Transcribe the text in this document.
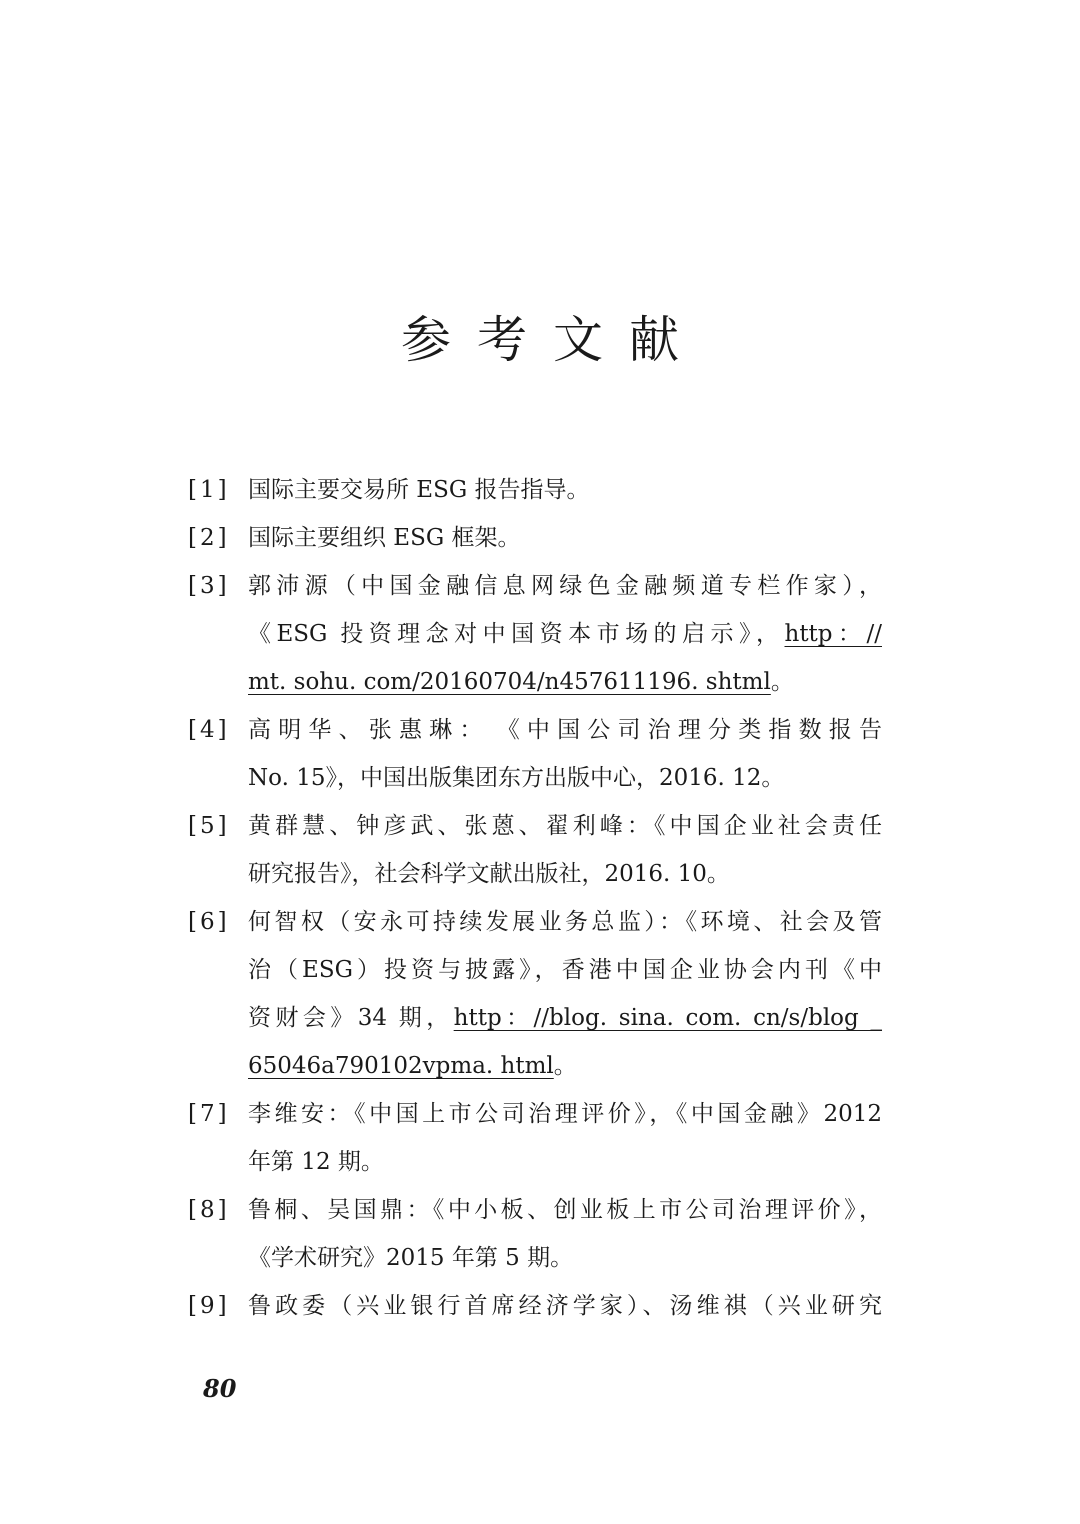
参考文献
[1] 国际主要交易所 ESG 报告指导。
[2] 国际主要组织 ESG 框架。
[3] 郭沛源（中国金融信息网绿色金融频道专栏作家），
《ESG 投资理念对中国资本市场的启示》，http：//
mt. sohu. com/20160704/n457611196. shtml。
[4] 高明华、张惠琳：　《中国公司治理分类指数报告
No. 15》，中国出版集团东方出版中心，2016. 12。
[5] 黄群慧、钟彦武、张蒽、翟利峰：《中国企业社会责任
研究报告》，社会科学文献出版社，2016. 10。
[6] 何智权（安永可持续发展业务总监）：《环境、社会及管
治（ESG）投资与披露》，香港中国企业协会内刊《中
资财会》34 期，http：//blog. sina. com. cn/s/blog _
65046a790102vpma. html。
[7] 李维安：《中国上市公司治理评价》，《中国金融》2012
年第 12 期。
[8] 鲁桐、吴国鼎：《中小板、创业板上市公司治理评价》，
《学术研究》2015 年第 5 期。
[9] 鲁政委（兴业银行首席经济学家）、汤维祺（兴业研究
80
